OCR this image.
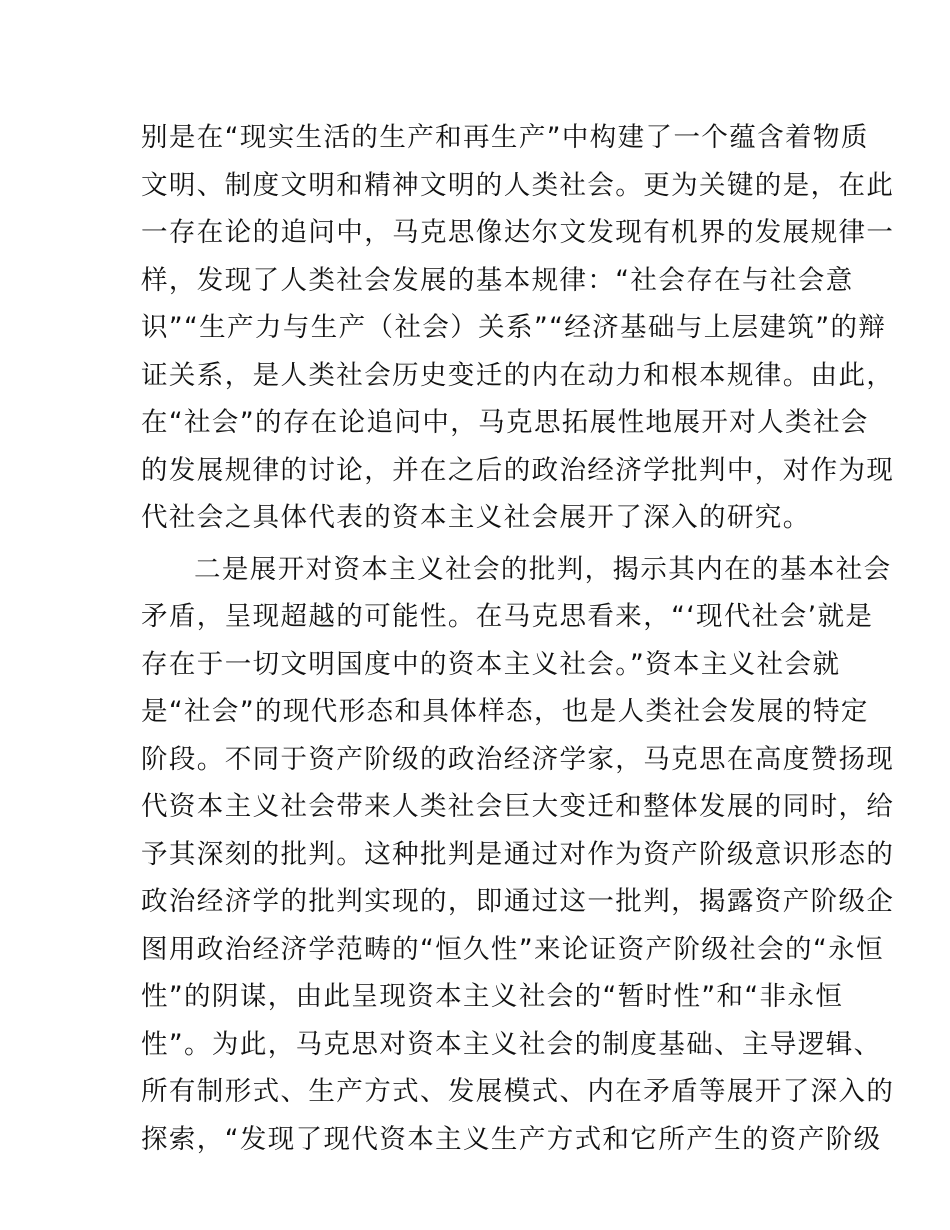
别是在“现实生活的生产和再生产”中构建了一个蕴含着物质
文明、制度文明和精神文明的人类社会。更为关键的是，在此
一存在论的追问中，马克思像达尔文发现有机界的发展规律一
样，发现了人类社会发展的基本规律：“社会存在与社会意
识”“生产力与生产（社会）关系”“经济基础与上层建筑”的辩
证关系，是人类社会历史变迁的内在动力和根本规律。由此，
在“社会”的存在论追问中，马克思拓展性地展开对人类社会
的发展规律的讨论，并在之后的政治经济学批判中，对作为现
代社会之具体代表的资本主义社会展开了深入的研究。
二是展开对资本主义社会的批判，揭示其内在的基本社会
矛盾，呈现超越的可能性。在马克思看来，“‘现代社会’就是
存在于一切文明国度中的资本主义社会。”资本主义社会就
是“社会”的现代形态和具体样态，也是人类社会发展的特定
阶段。不同于资产阶级的政治经济学家，马克思在高度赞扬现
代资本主义社会带来人类社会巨大变迁和整体发展的同时，给
予其深刻的批判。这种批判是通过对作为资产阶级意识形态的
政治经济学的批判实现的，即通过这一批判，揭露资产阶级企
图用政治经济学范畴的“恒久性”来论证资产阶级社会的“永恒
性”的阴谋，由此呈现资本主义社会的“暂时性”和“非永恒
性”。为此，马克思对资本主义社会的制度基础、主导逻辑、
所有制形式、生产方式、发展模式、内在矛盾等展开了深入的
探索，“发现了现代资本主义生产方式和它所产生的资产阶级
